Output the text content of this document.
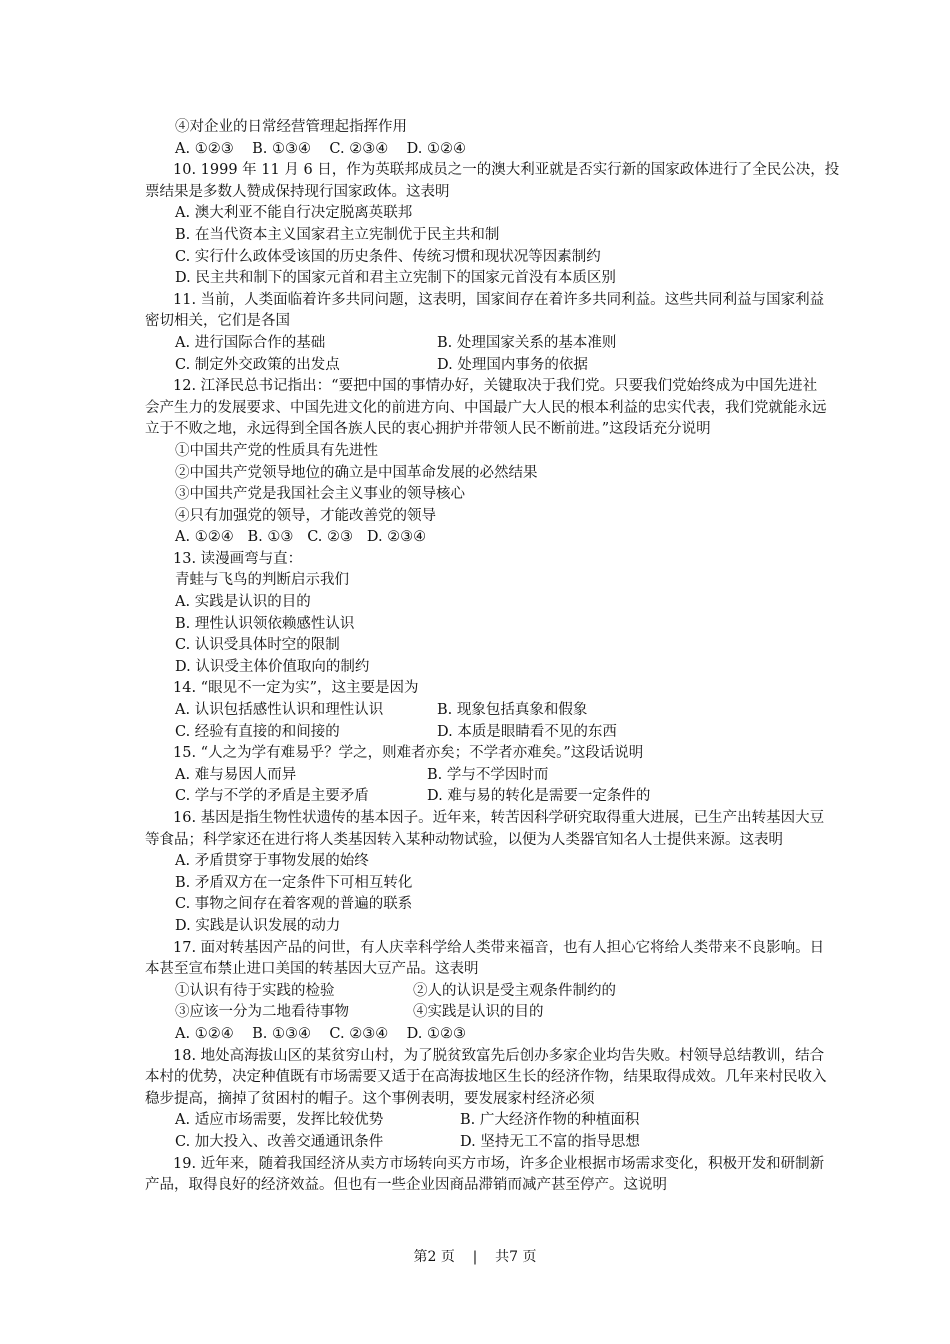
④对企业的日常经营管理起指挥作用
A. ①②③    B. ①③④    C. ②③④    D. ①②④
10. 1999 年 11 月 6 日，作为英联邦成员之一的澳大利亚就是否实行新的国家政体进行了全民公决，投
票结果是多数人赞成保持现行国家政体。这表明
A. 澳大利亚不能自行决定脱离英联邦
B. 在当代资本主义国家君主立宪制优于民主共和制
C. 实行什么政体受该国的历史条件、传统习惯和现状况等因素制约
D. 民主共和制下的国家元首和君主立宪制下的国家元首没有本质区别
11. 当前，人类面临着许多共同问题，这表明，国家间存在着许多共同利益。这些共同利益与国家利益
密切相关，它们是各国
A. 进行国际合作的基础	B. 处理国家关系的基本准则
C. 制定外交政策的出发点	D. 处理国内事务的依据
12. 江泽民总书记指出：“要把中国的事情办好，关键取决于我们党。只要我们党始终成为中国先进社
会产生力的发展要求、中国先进文化的前进方向、中国最广大人民的根本利益的忠实代表，我们党就能永远
立于不败之地，永远得到全国各族人民的衷心拥护并带领人民不断前进。”这段话充分说明
①中国共产党的性质具有先进性
②中国共产党领导地位的确立是中国革命发展的必然结果
③中国共产党是我国社会主义事业的领导核心
④只有加强党的领导，才能改善党的领导
A. ①②④   B. ①③   C. ②③   D. ②③④
13. 读漫画弯与直：
青蛙与飞鸟的判断启示我们
A. 实践是认识的目的
B. 理性认识领依赖感性认识
C. 认识受具体时空的限制
D. 认识受主体价值取向的制约
14. “眼见不一定为实”，这主要是因为
A. 认识包括感性认识和理性认识	B. 现象包括真象和假象
C. 经验有直接的和间接的	D. 本质是眼睛看不见的东西
15. “人之为学有难易乎？学之，则难者亦矣；不学者亦难矣。”这段话说明
A. 难与易因人而异	B. 学与不学因时而
C. 学与不学的矛盾是主要矛盾	D. 难与易的转化是需要一定条件的
16. 基因是指生物性状遗传的基本因子。近年来，转苦因科学研究取得重大进展，已生产出转基因大豆
等食品；科学家还在进行将人类基因转入某种动物试验，以便为人类器官知名人士提供来源。这表明
A. 矛盾贯穿于事物发展的始终
B. 矛盾双方在一定条件下可相互转化
C. 事物之间存在着客观的普遍的联系
D. 实践是认识发展的动力
17. 面对转基因产品的问世，有人庆幸科学给人类带来福音，也有人担心它将给人类带来不良影响。日
本甚至宣布禁止进口美国的转基因大豆产品。这表明
①认识有待于实践的检验	②人的认识是受主观条件制约的
③应该一分为二地看待事物	④实践是认识的目的
A. ①②④    B. ①③④    C. ②③④    D. ①②③
18. 地处高海拔山区的某贫穷山村，为了脱贫致富先后创办多家企业均告失败。村领导总结教训，结合
本村的优势，决定种值既有市场需要又适于在高海拔地区生长的经济作物，结果取得成效。几年来村民收入
稳步提高，摘掉了贫困村的帽子。这个事例表明，要发展家村经济必须
A. 适应市场需要，发挥比较优势	B. 广大经济作物的种植面积
C. 加大投入、改善交通通讯条件	D. 坚持无工不富的指导思想
19. 近年来，随着我国经济从卖方市场转向买方市场，许多企业根据市场需求变化，积极开发和研制新
产品，取得良好的经济效益。但也有一些企业因商品滞销而减产甚至停产。这说明
第2 页 | 共7 页
